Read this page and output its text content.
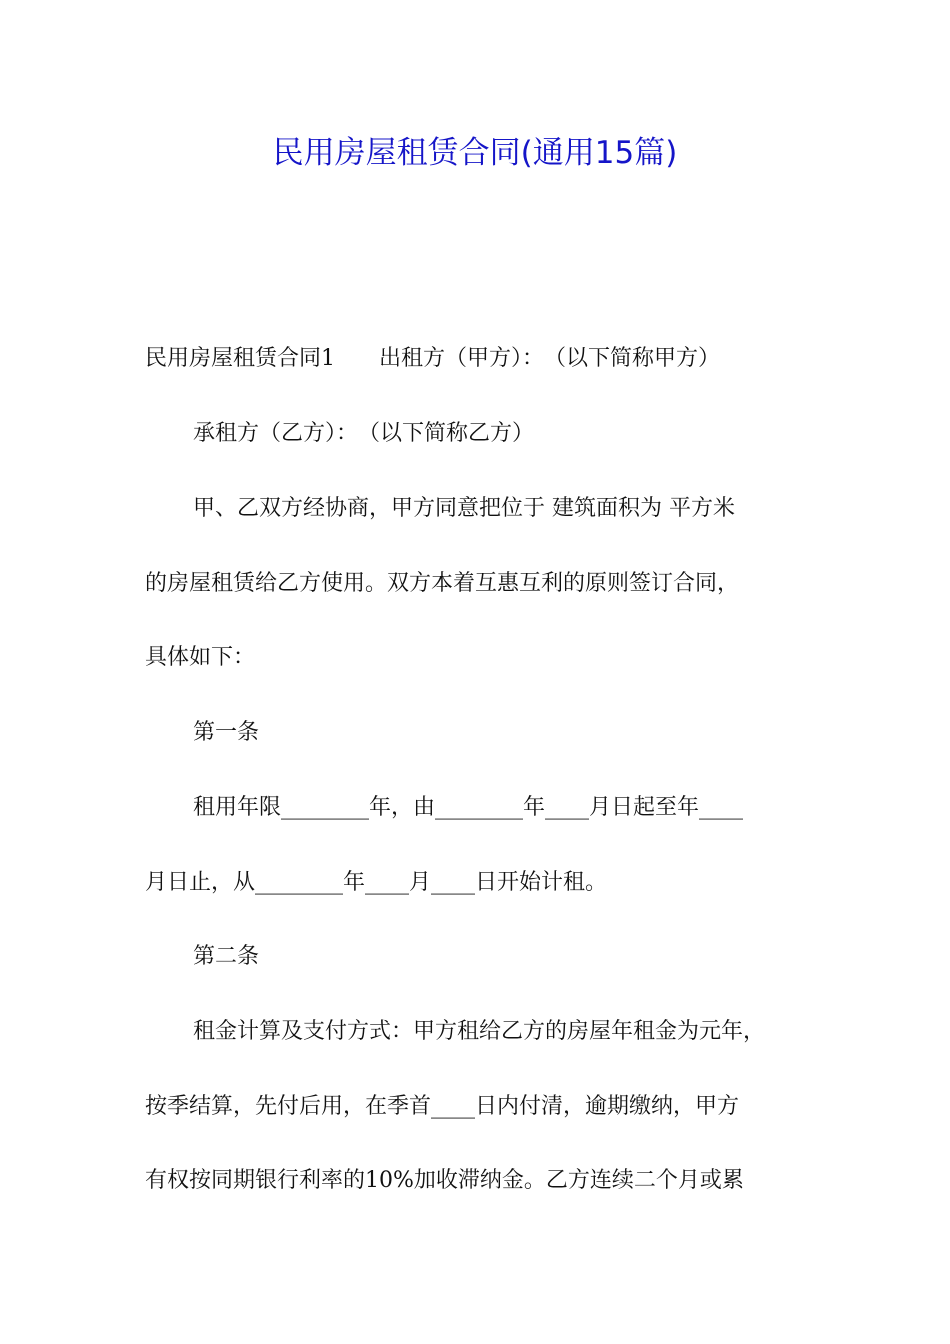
民用房屋租赁合同(通用15篇)
民用房屋租赁合同1　　出租方（甲方）：　（以下简称甲方）
承租方（乙方）：　（以下简称乙方）
甲、乙双方经协商，甲方同意把位于 建筑面积为 平方米
的房屋租赁给乙方使用。双方本着互惠互利的原则签订合同，
具体如下：
第一条
租用年限________年，由________年____月日起至年____
月日止，从________年____月____日开始计租。
第二条
租金计算及支付方式：甲方租给乙方的房屋年租金为元年，
按季结算，先付后用，在季首____日内付清，逾期缴纳，甲方
有权按同期银行利率的10%加收滞纳金。乙方连续二个月或累
